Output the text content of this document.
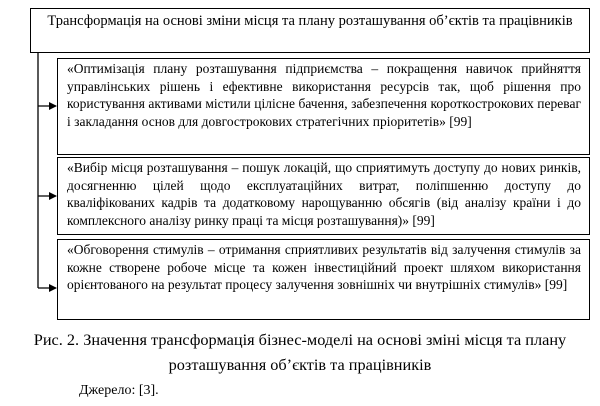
Трансформація на основі зміни місця та плану розташування об’єктів та працівників
«Оптимізація плану розташування підприємства – покращення навичок прийняття управлінських рішень і ефективне використання ресурсів так, щоб рішення про користування активами містили цілісне бачення, забезпечення короткострокових переваг і закладання основ для довгострокових стратегічних пріоритетів» [99]
«Вибір місця розташування – пошук локацій, що сприятимуть доступу до нових ринків, досягненню цілей щодо експлуатаційних витрат, поліпшенню доступу до кваліфікованих кадрів та додатковому нарощуванню обсягів (від аналізу країни і до комплексного аналізу ринку праці та місця розташування)» [99]
«Обговорення стимулів – отримання сприятливих результатів від залучення стимулів за кожне створене робоче місце та кожен інвестиційний проект шляхом використання орієнтованого на результат процесу залучення зовнішніх чи внутрішніх стимулів» [99]
Рис. 2. Значення трансформація бізнес-моделі на основі зміні місця та плану розташування об’єктів та працівників
Джерело: [3].
